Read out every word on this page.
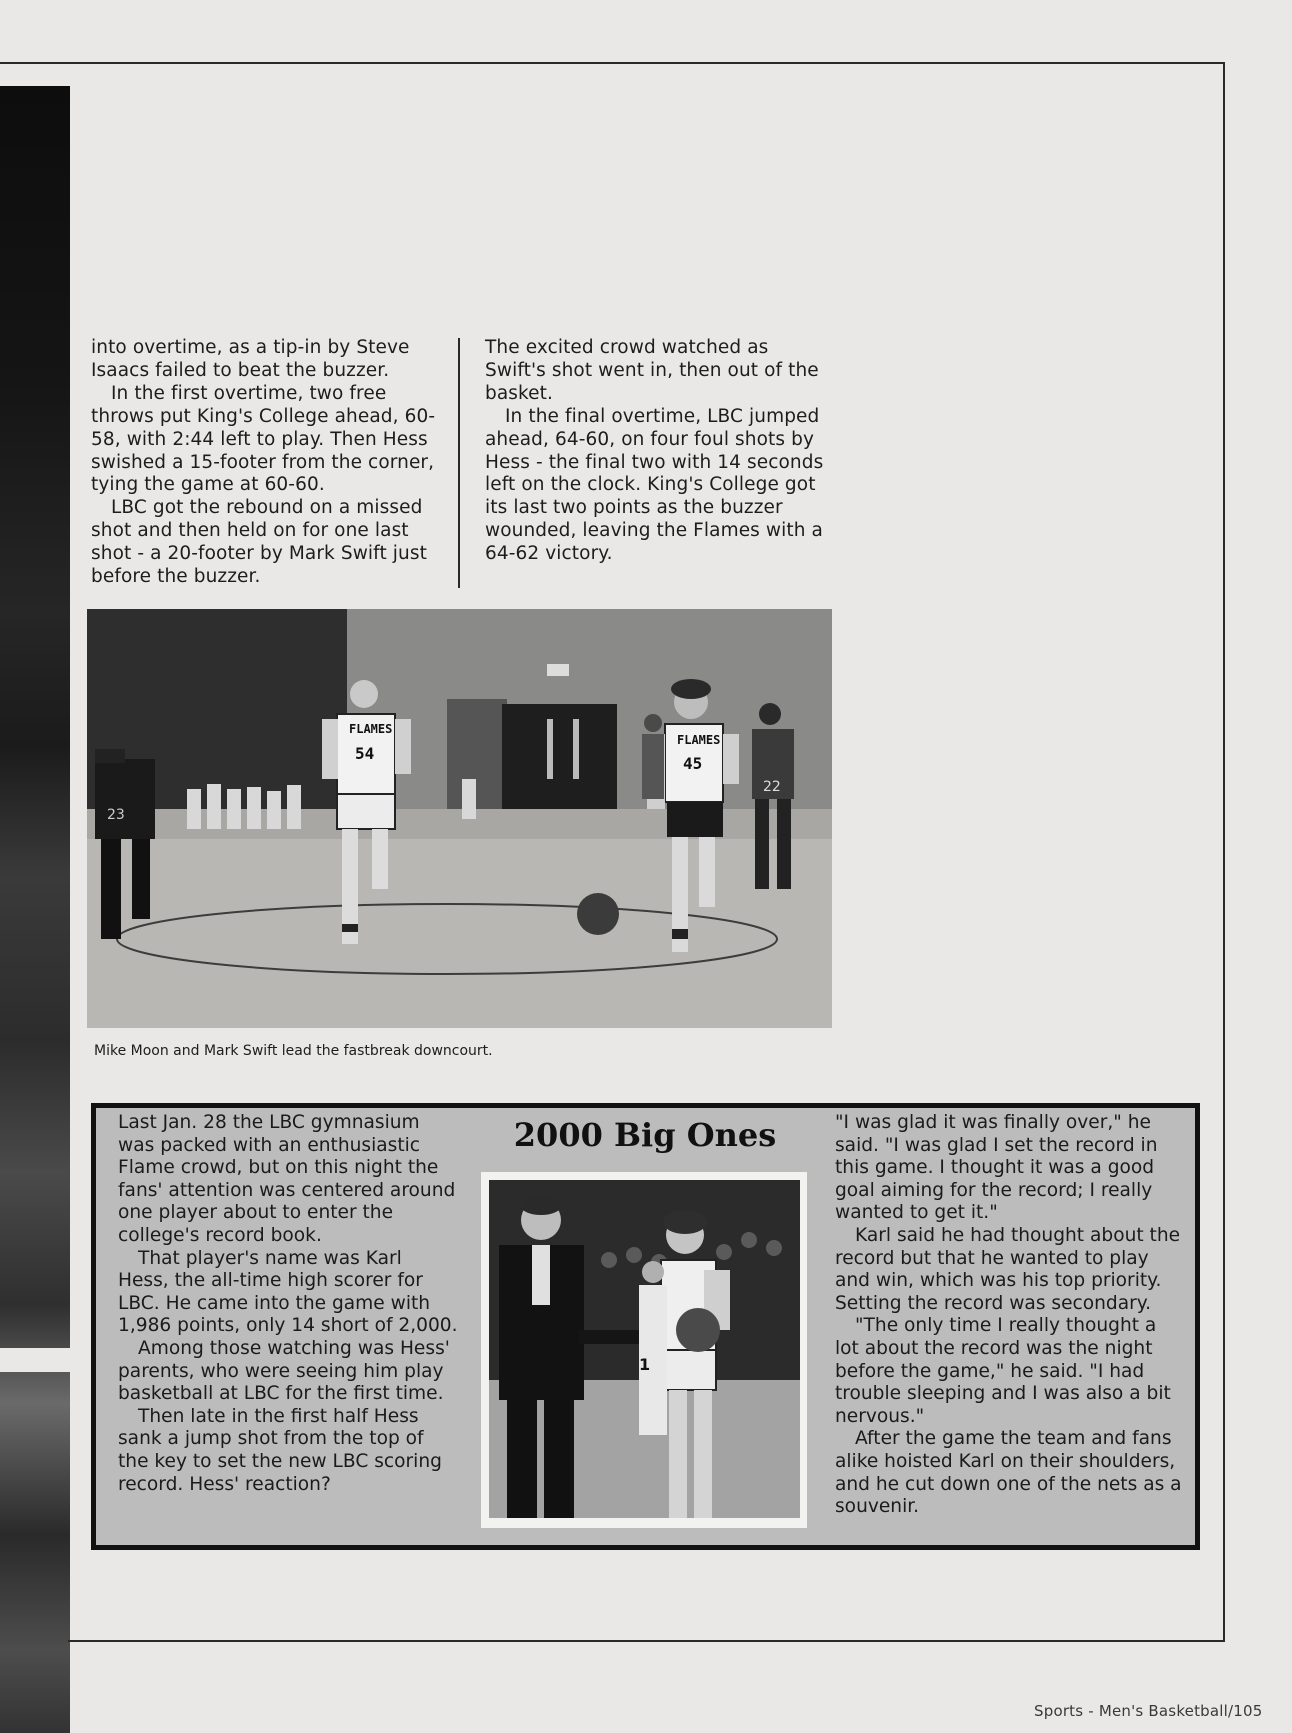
into overtime, as a tip-in by Steve Isaacs failed to beat the buzzer.

In the first overtime, two free throws put King's College ahead, 60-58, with 2:44 left to play. Then Hess swished a 15-footer from the corner, tying the game at 60-60.

LBC got the rebound on a missed shot and then held on for one last shot - a 20-footer by Mark Swift just before the buzzer.

The excited crowd watched as Swift's shot went in, then out of the basket.

In the final overtime, LBC jumped ahead, 64-60, on four foul shots by Hess - the final two with 14 seconds left on the clock. King's College got its last two points as the buzzer wounded, leaving the Flames with a 64-62 victory.

23
FLAMES
54
FLAMES
45
22
Mike Moon and Mark Swift lead the fastbreak downcourt.

Last Jan. 28 the LBC gymnasium was packed with an enthusiastic Flame crowd, but on this night the fans' attention was centered around one player about to enter the college's record book.

That player's name was Karl Hess, the all-time high scorer for LBC. He came into the game with 1,986 points, only 14 short of 2,000.

Among those watching was Hess' parents, who were seeing him play basketball at LBC for the first time.

Then late in the first half Hess sank a jump shot from the top of the key to set the new LBC scoring record. Hess' reaction?

2000 Big Ones
1

"I was glad it was finally over," he said. "I was glad I set the record in this game. I thought it was a good goal aiming for the record; I really wanted to get it."

Karl said he had thought about the record but that he wanted to play and win, which was his top priority. Setting the record was secondary.

"The only time I really thought a lot about the record was the night before the game," he said. "I had trouble sleeping and I was also a bit nervous."

After the game the team and fans alike hoisted Karl on their shoulders, and he cut down one of the nets as a souvenir.

Sports - Men's Basketball/105
